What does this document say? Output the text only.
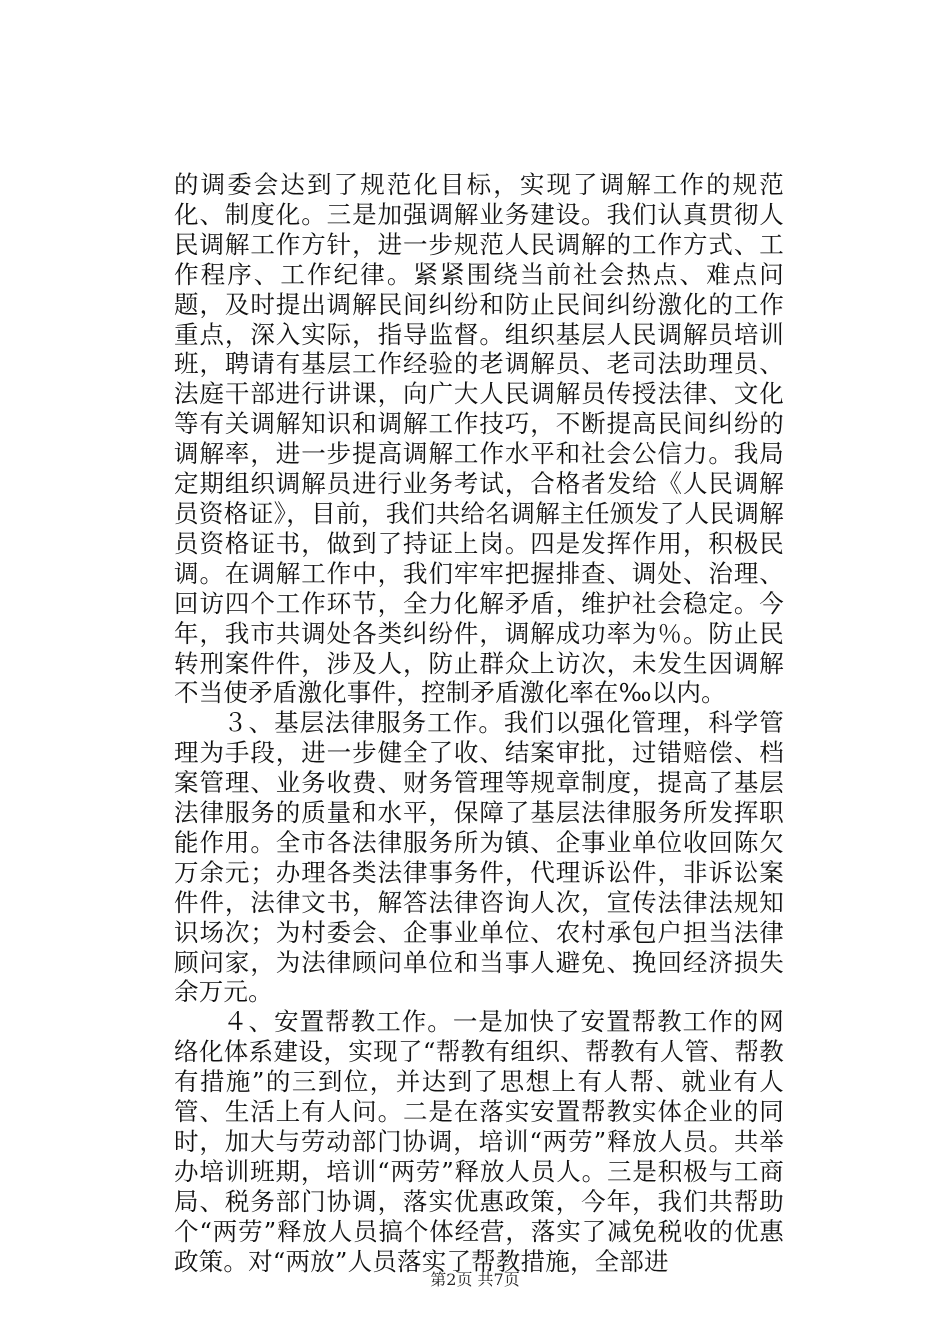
的调委会达到了规范化目标，实现了调解工作的规范化、制度化。三是加强调解业务建设。我们认真贯彻人民调解工作方针，进一步规范人民调解的工作方式、工作程序、工作纪律。紧紧围绕当前社会热点、难点问题，及时提出调解民间纠纷和防止民间纠纷激化的工作重点，深入实际，指导监督。组织基层人民调解员培训班，聘请有基层工作经验的老调解员、老司法助理员、法庭干部进行讲课，向广大人民调解员传授法律、文化等有关调解知识和调解工作技巧，不断提高民间纠纷的调解率，进一步提高调解工作水平和社会公信力。我局定期组织调解员进行业务考试，合格者发给《人民调解员资格证》，目前，我们共给名调解主任颁发了人民调解员资格证书，做到了持证上岗。四是发挥作用，积极民调。在调解工作中，我们牢牢把握排查、调处、治理、回访四个工作环节，全力化解矛盾，维护社会稳定。今年，我市共调处各类纠纷件，调解成功率为％。防止民转刑案件件，涉及人，防止群众上访次，未发生因调解不当使矛盾激化事件，控制矛盾激化率在‰以内。

３、基层法律服务工作。我们以强化管理，科学管理为手段，进一步健全了收、结案审批，过错赔偿、档案管理、业务收费、财务管理等规章制度，提高了基层法律服务的质量和水平，保障了基层法律服务所发挥职能作用。全市各法律服务所为镇、企事业单位收回陈欠万余元；办理各类法律事务件，代理诉讼件，非诉讼案件件，法律文书，解答法律咨询人次，宣传法律法规知识场次；为村委会、企事业单位、农村承包户担当法律顾问家，为法律顾问单位和当事人避免、挽回经济损失余万元。

４、安置帮教工作。一是加快了安置帮教工作的网络化体系建设，实现了“帮教有组织、帮教有人管、帮教有措施”的三到位，并达到了思想上有人帮、就业有人管、生活上有人问。二是在落实安置帮教实体企业的同时，加大与劳动部门协调，培训“两劳”释放人员。共举办培训班期，培训“两劳”释放人员人。三是积极与工商局、税务部门协调，落实优惠政策，今年，我们共帮助个“两劳”释放人员搞个体经营，落实了减免税收的优惠政策。对“两放”人员落实了帮教措施，全部进

第2页 共7页
